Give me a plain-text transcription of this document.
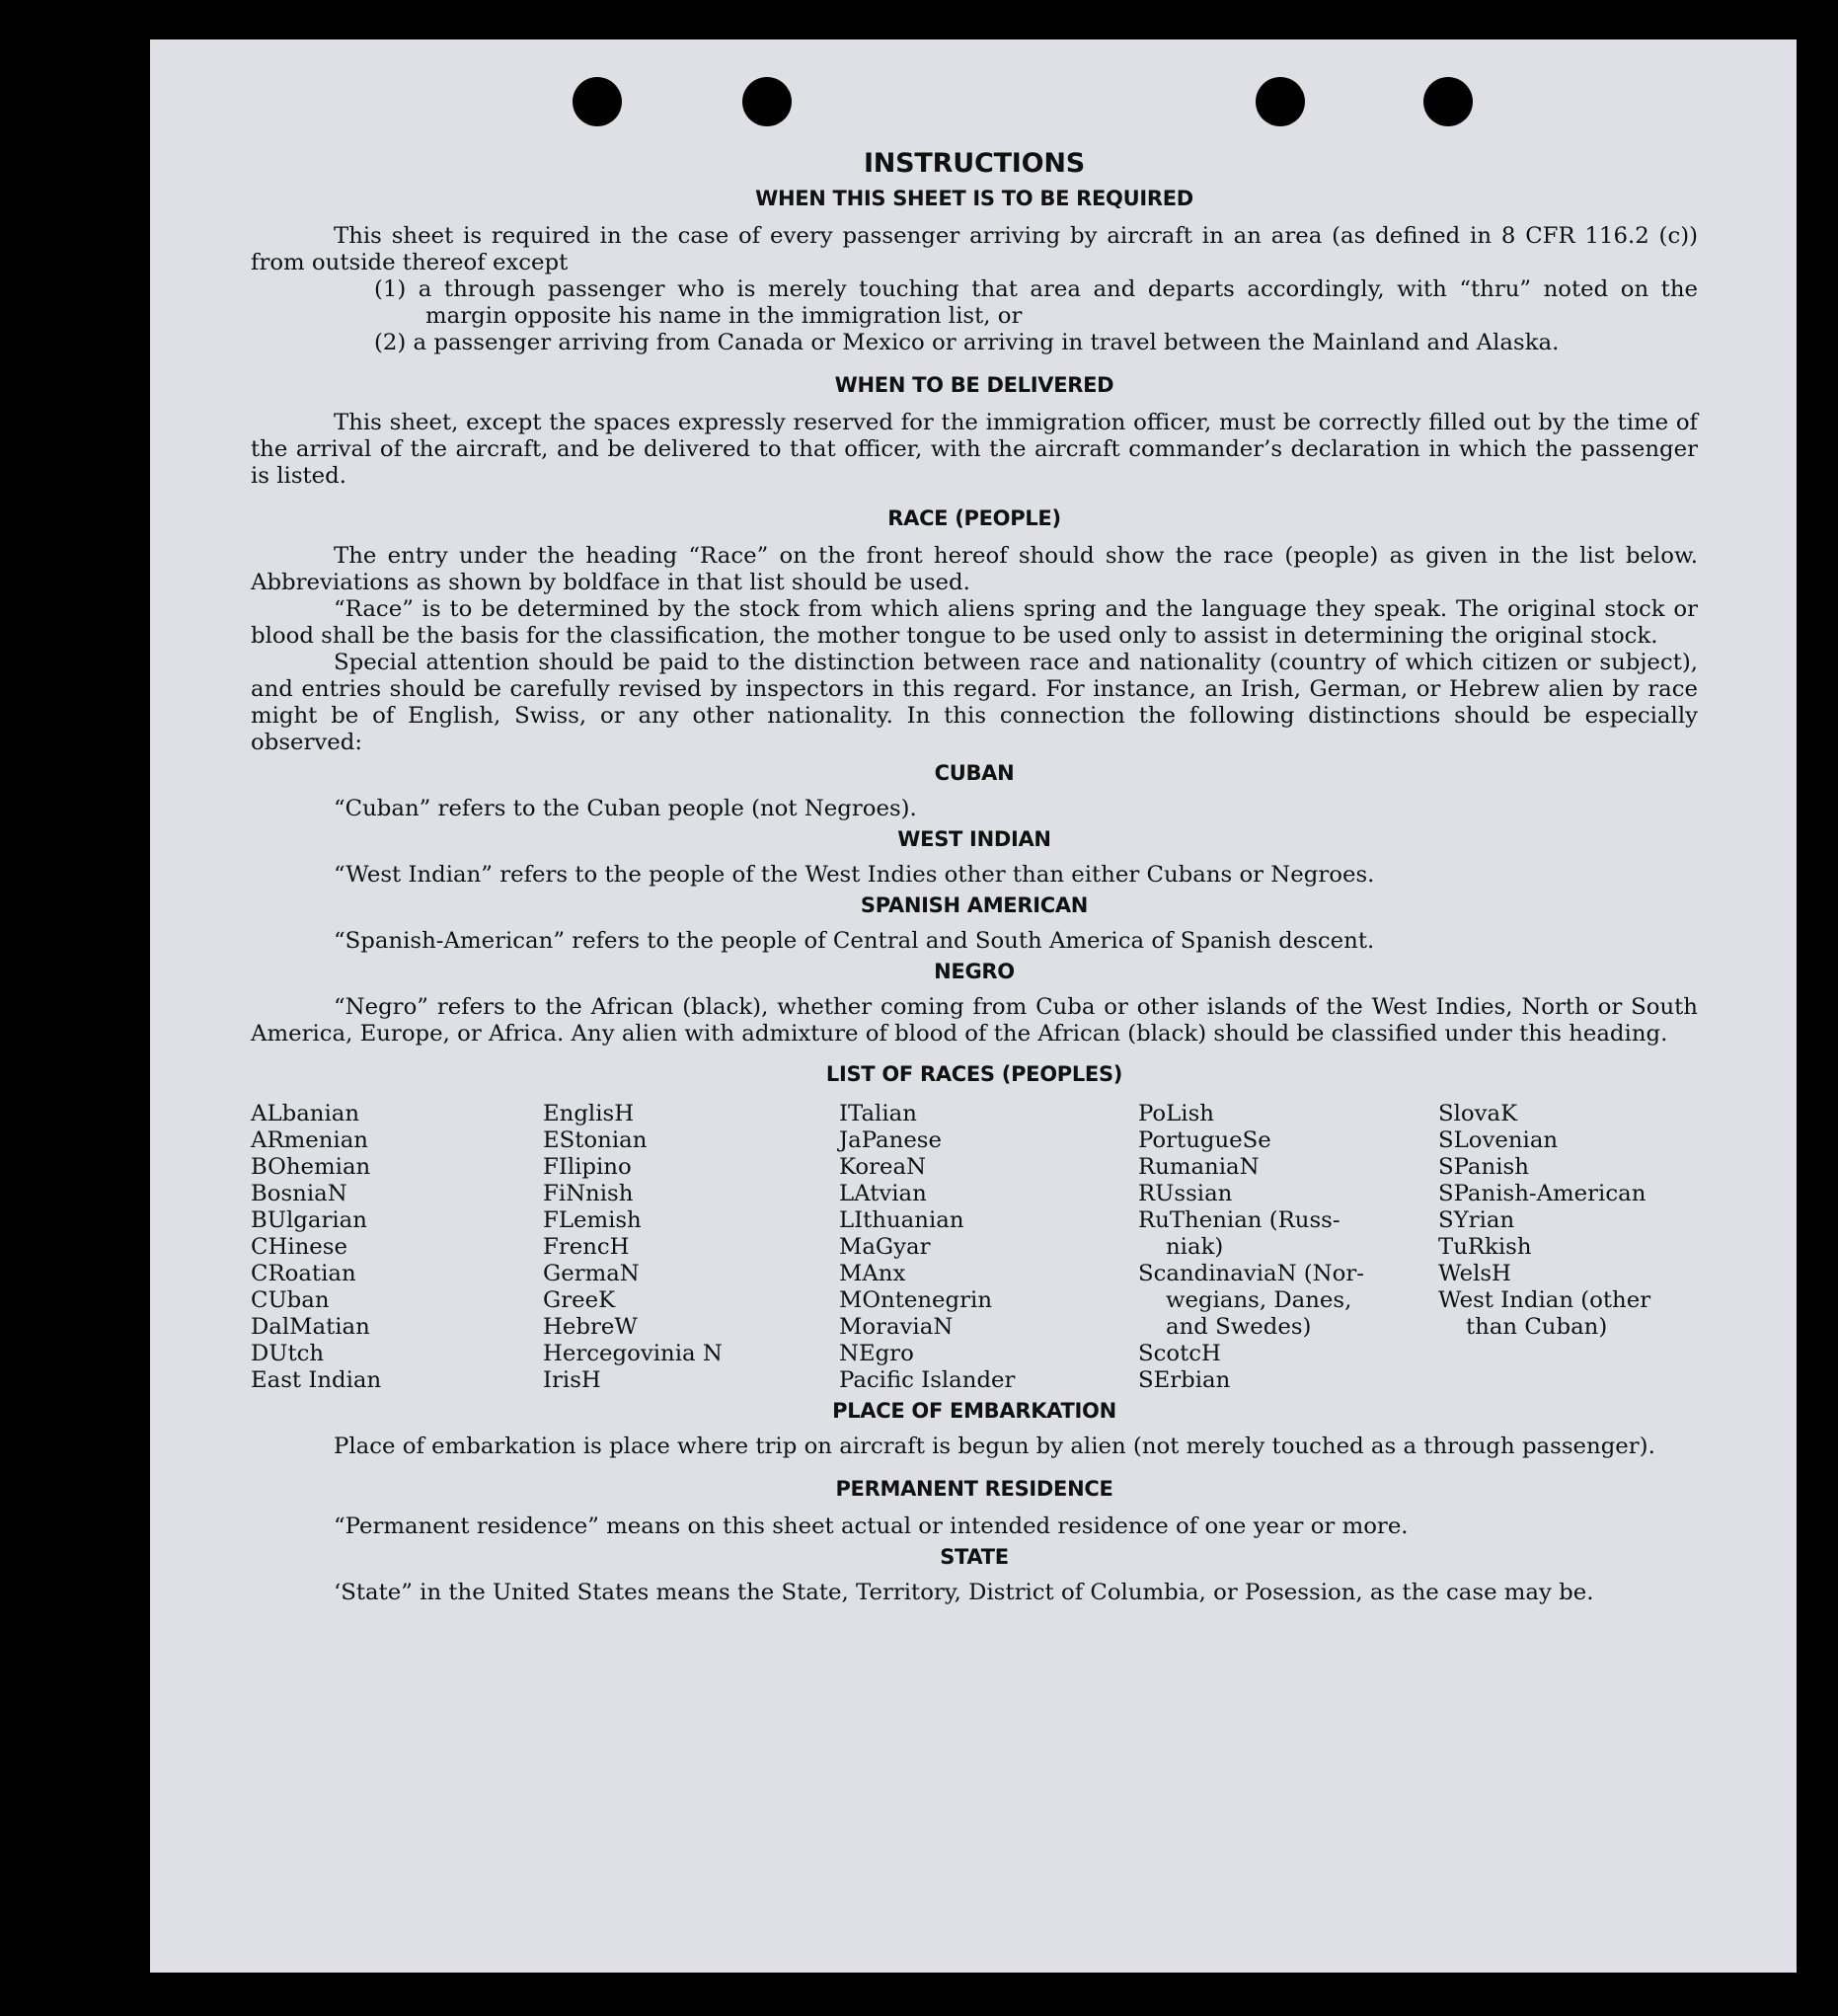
INSTRUCTIONS
WHEN THIS SHEET IS TO BE REQUIRED

This sheet is required in the case of every passenger arriving by aircraft in an area (as defined in 8 CFR 116.2 (c)) from outside thereof except

(1) a through passenger who is merely touching that area and departs accordingly, with “thru” noted on the margin opposite his name in the immigration list, or
(2) a passenger arriving from Canada or Mexico or arriving in travel between the Mainland and Alaska.
WHEN TO BE DELIVERED

This sheet, except the spaces expressly reserved for the immigration officer, must be correctly filled out by the time of the arrival of the aircraft, and be delivered to that officer, with the aircraft commander’s declaration in which the passenger is listed.

RACE (PEOPLE)

The entry under the heading “Race” on the front hereof should show the race (people) as given in the list below. Abbreviations as shown by boldface in that list should be used.

“Race” is to be determined by the stock from which aliens spring and the language they speak. The original stock or blood shall be the basis for the classification, the mother tongue to be used only to assist in determining the original stock.

Special attention should be paid to the distinction between race and nationality (country of which citizen or subject), and entries should be carefully revised by inspectors in this regard. For instance, an Irish, German, or Hebrew alien by race might be of English, Swiss, or any other nationality. In this connection the following distinctions should be especially observed:

CUBAN

“Cuban” refers to the Cuban people (not Negroes).

WEST INDIAN

“West Indian” refers to the people of the West Indies other than either Cubans or Negroes.

SPANISH AMERICAN

“Spanish-American” refers to the people of Central and South America of Spanish descent.

NEGRO

“Negro” refers to the African (black), whether coming from Cuba or other islands of the West Indies, North or South America, Europe, or Africa. Any alien with admixture of blood of the African (black) should be classified under this heading.

LIST OF RACES (PEOPLES)
ALbanian
ARmenian
BOhemian
BosniaN
BUlgarian
CHinese
CRoatian
CUban
DalMatian
DUtch
East Indian
EnglisH
EStonian
FIlipino
FiNnish
FLemish
FrencH
GermaN
GreeK
HebreW
Hercegovinia N
IrisH
ITalian
JaPanese
KoreaN
LAtvian
LIthuanian
MaGyar
MAnx
MOntenegrin
MoraviaN
NEgro
Pacific Islander
PoLish
PortugueSe
RumaniaN
RUssian
RuThenian (Russ-
niak)
ScandinaviaN (Nor-
wegians, Danes,
and Swedes)
ScotcH
SErbian
SlovaK
SLovenian
SPanish
SPanish-American
SYrian
TuRkish
WelsH
West Indian (other
than Cuban)
PLACE OF EMBARKATION

Place of embarkation is place where trip on aircraft is begun by alien (not merely touched as a through passenger).

PERMANENT RESIDENCE

“Permanent residence” means on this sheet actual or intended residence of one year or more.

STATE

‘State” in the United States means the State, Territory, District of Columbia, or Posession, as the case may be.
